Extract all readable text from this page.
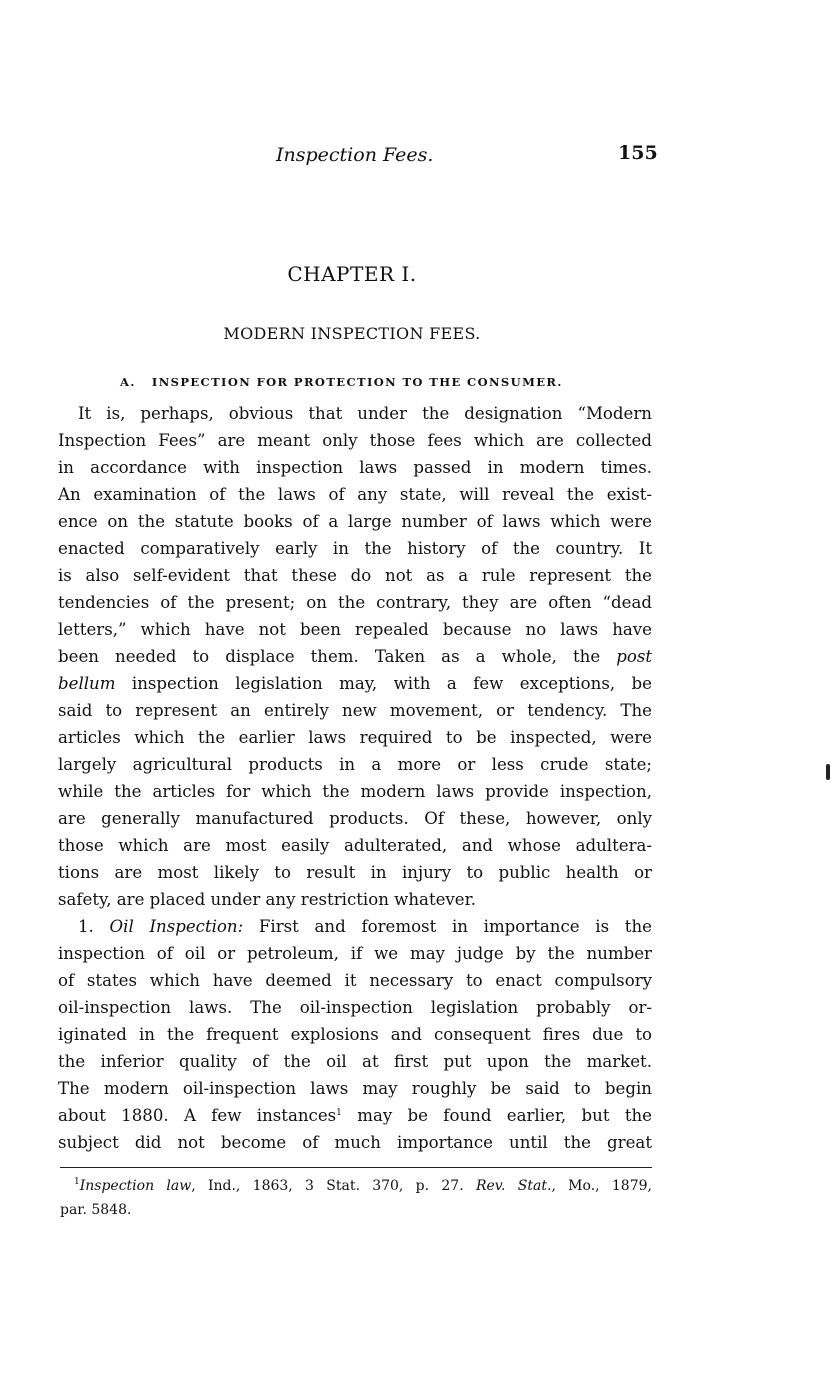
Inspection Fees.	155
CHAPTER I.
MODERN INSPECTION FEES.
A.   INSPECTION FOR PROTECTION TO THE CONSUMER.
It is, perhaps, obvious that under the designation “Modern
Inspection Fees” are meant only those fees which are collected
in accordance with inspection laws passed in modern times.
An examination of the laws of any state, will reveal the exist-
ence on the statute books of a large number of laws which were
enacted comparatively early in the history of the country. It
is also self-evident that these do not as a rule represent the
tendencies of the present; on the contrary, they are often “dead
letters,” which have not been repealed because no laws have
been needed to displace them. Taken as a whole, the post
bellum inspection legislation may, with a few exceptions, be
said to represent an entirely new movement, or tendency. The
articles which the earlier laws required to be inspected, were
largely agricultural products in a more or less crude state;
while the articles for which the modern laws provide inspection,
are generally manufactured products. Of these, however, only
those which are most easily adulterated, and whose adultera-
tions are most likely to result in injury to public health or
safety, are placed under any restriction whatever.
1. Oil Inspection: First and foremost in importance is the
inspection of oil or petroleum, if we may judge by the number
of states which have deemed it necessary to enact compulsory
oil-inspection laws. The oil-inspection legislation probably or-
iginated in the frequent explosions and consequent fires due to
the inferior quality of the oil at first put upon the market.
The modern oil-inspection laws may roughly be said to begin
about 1880. A few instances$^1$ may be found earlier, but the
subject did not become of much importance until the great
$^1$Inspection law, Ind., 1863, 3 Stat. 370, p. 27. Rev. Stat., Mo., 1879,
par. 5848.
